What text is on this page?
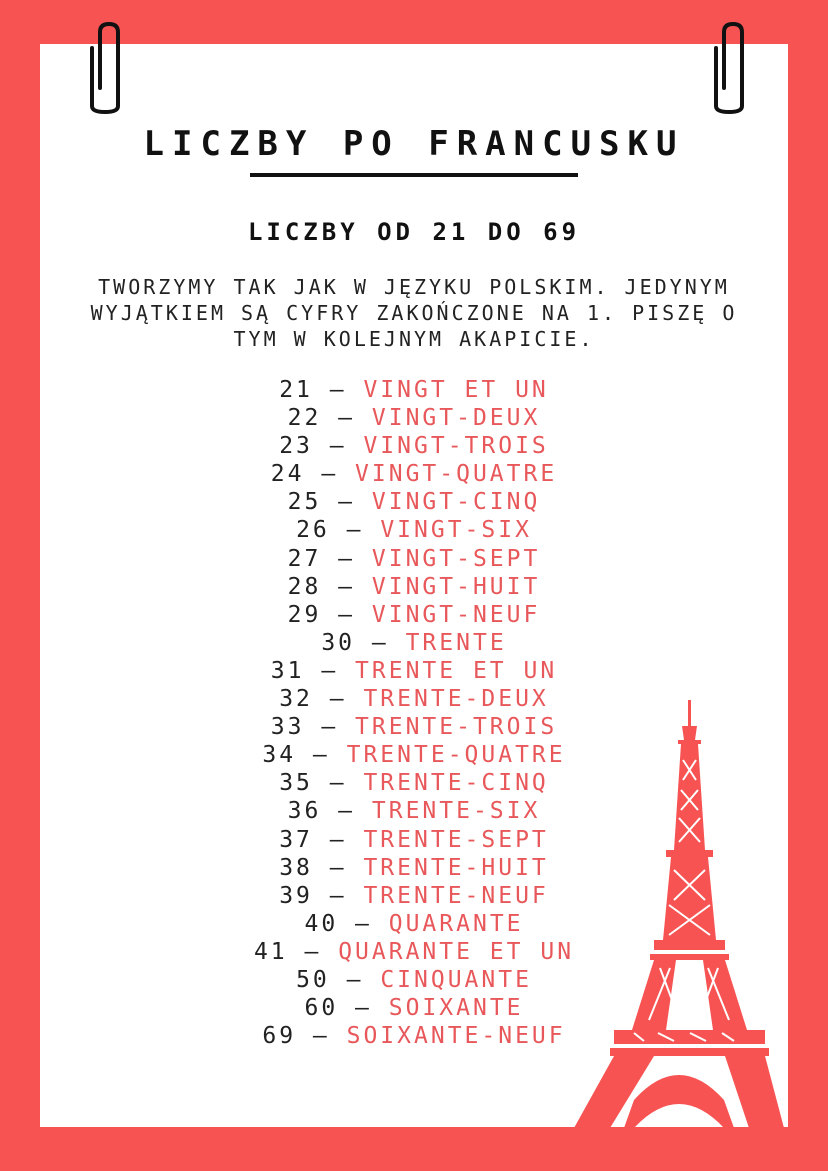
LICZBY PO FRANCUSKU
LICZBY OD 21 DO 69
TWORZYMY TAK JAK W JĘZYKU POLSKIM. JEDYNYM
WYJĄTKIEM SĄ CYFRY ZAKOŃCZONE NA 1. PISZĘ O
TYM W KOLEJNYM AKAPICIE.
21 – VINGT ET UN
22 – VINGT-DEUX
23 – VINGT-TROIS
24 – VINGT-QUATRE
25 – VINGT-CINQ
26 – VINGT-SIX
27 – VINGT-SEPT
28 – VINGT-HUIT
29 – VINGT-NEUF
30 – TRENTE
31 – TRENTE ET UN
32 – TRENTE-DEUX
33 – TRENTE-TROIS
34 – TRENTE-QUATRE
35 – TRENTE-CINQ
36 – TRENTE-SIX
37 – TRENTE-SEPT
38 – TRENTE-HUIT
39 – TRENTE-NEUF
40 – QUARANTE
41 – QUARANTE ET UN
50 – CINQUANTE
60 – SOIXANTE
69 – SOIXANTE-NEUF
